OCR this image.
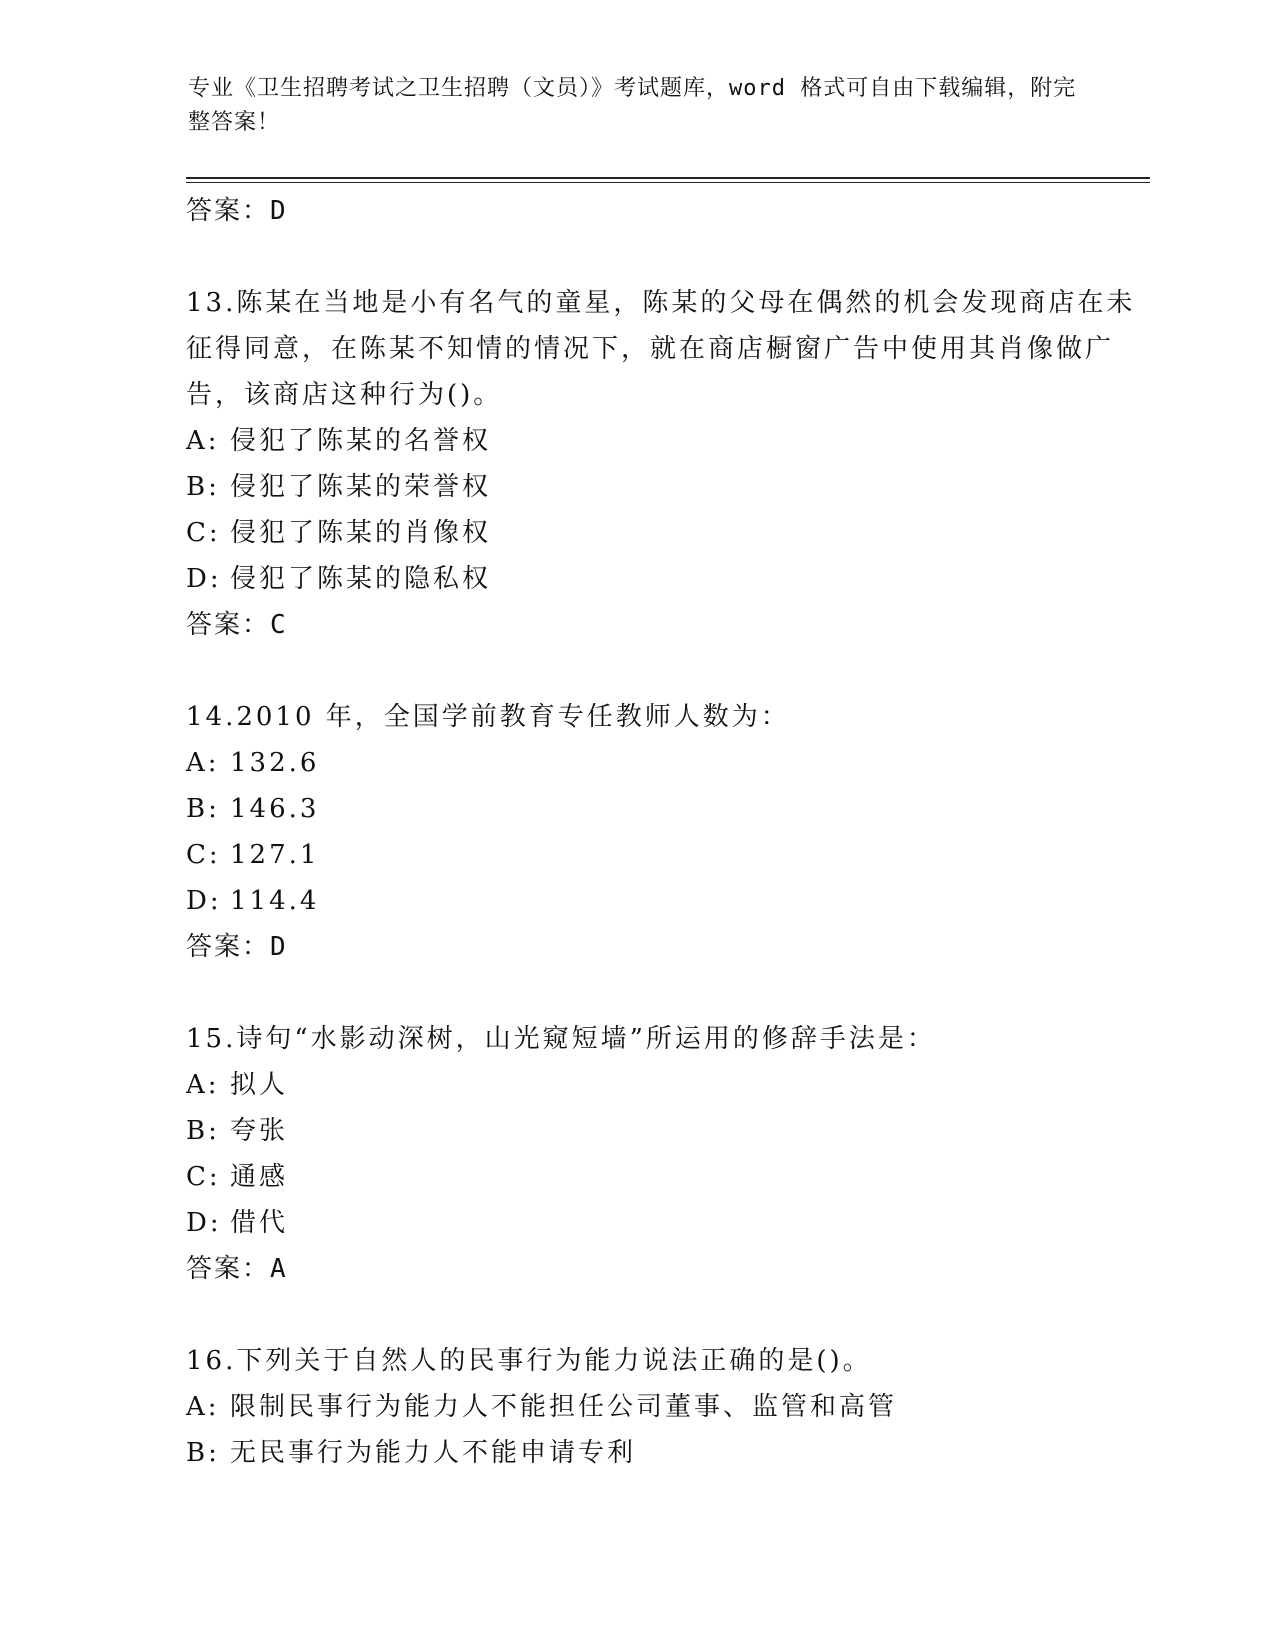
专业《卫生招聘考试之卫生招聘（文员）》考试题库，word 格式可自由下载编辑，附完整答案！
答案：D

13.陈某在当地是小有名气的童星，陈某的父母在偶然的机会发现商店在未征得同意，在陈某不知情的情况下，就在商店橱窗广告中使用其肖像做广告，该商店这种行为()。

A: 侵犯了陈某的名誉权
B: 侵犯了陈某的荣誉权
C: 侵犯了陈某的肖像权
D: 侵犯了陈某的隐私权
答案：C

14.2010 年，全国学前教育专任教师人数为：

A: 132.6
B: 146.3
C: 127.1
D: 114.4
答案：D

15.诗句“水影动深树，山光窥短墙”所运用的修辞手法是：

A: 拟人
B: 夸张
C: 通感
D: 借代
答案：A

16.下列关于自然人的民事行为能力说法正确的是()。

A: 限制民事行为能力人不能担任公司董事、监管和高管
B: 无民事行为能力人不能申请专利
